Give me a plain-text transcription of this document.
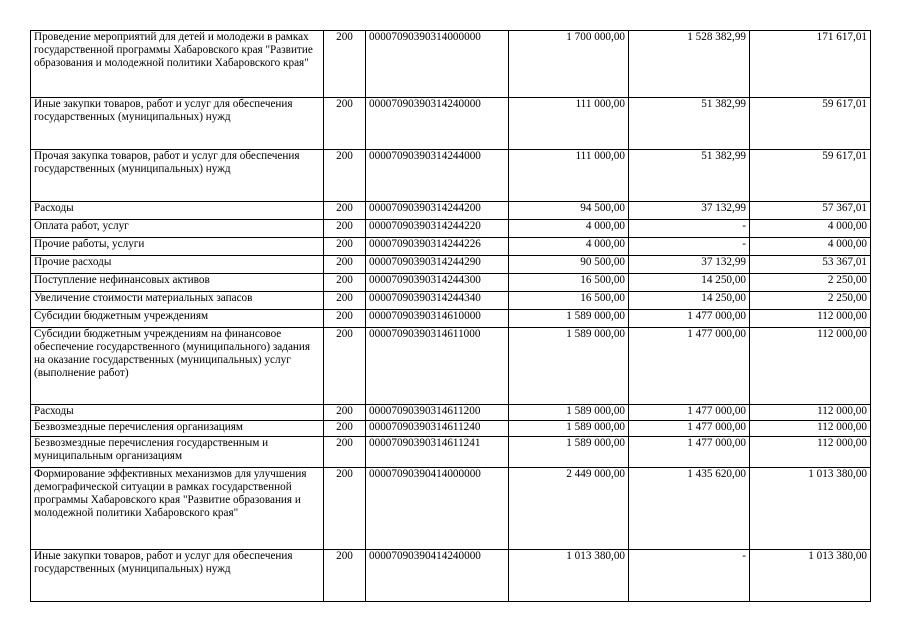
Проведение мероприятий для детей и молодежи в рамках государственной программы Хабаровского края "Развитие образования и молодежной политики Хабаровского края"	200	00007090390314000000	1 700 000,00	1 528 382,99	171 617,01
Иные закупки товаров, работ и услуг для обеспечения государственных (муниципальных) нужд	200	00007090390314240000	111 000,00	51 382,99	59 617,01
Прочая закупка товаров, работ и услуг для обеспечения государственных (муниципальных) нужд	200	00007090390314244000	111 000,00	51 382,99	59 617,01
Расходы	200	00007090390314244200	94 500,00	37 132,99	57 367,01
Оплата работ, услуг	200	00007090390314244220	4 000,00	-	4 000,00
Прочие работы, услуги	200	00007090390314244226	4 000,00	-	4 000,00
Прочие расходы	200	00007090390314244290	90 500,00	37 132,99	53 367,01
Поступление нефинансовых активов	200	00007090390314244300	16 500,00	14 250,00	2 250,00
Увеличение стоимости материальных запасов	200	00007090390314244340	16 500,00	14 250,00	2 250,00
Субсидии бюджетным учреждениям	200	00007090390314610000	1 589 000,00	1 477 000,00	112 000,00
Субсидии бюджетным учреждениям на финансовое обеспечение государственного (муниципального) задания на оказание государственных (муниципальных) услуг (выполнение работ)	200	00007090390314611000	1 589 000,00	1 477 000,00	112 000,00
Расходы	200	00007090390314611200	1 589 000,00	1 477 000,00	112 000,00
Безвозмездные перечисления организациям	200	00007090390314611240	1 589 000,00	1 477 000,00	112 000,00
Безвозмездные перечисления государственным и муниципальным организациям	200	00007090390314611241	1 589 000,00	1 477 000,00	112 000,00
Формирование эффективных механизмов для улучшения демографической ситуации в рамках государственной программы Хабаровского края "Развитие образования и молодежной политики Хабаровского края"	200	00007090390414000000	2 449 000,00	1 435 620,00	1 013 380,00
Иные закупки товаров, работ и услуг для обеспечения государственных (муниципальных) нужд	200	00007090390414240000	1 013 380,00	-	1 013 380,00
